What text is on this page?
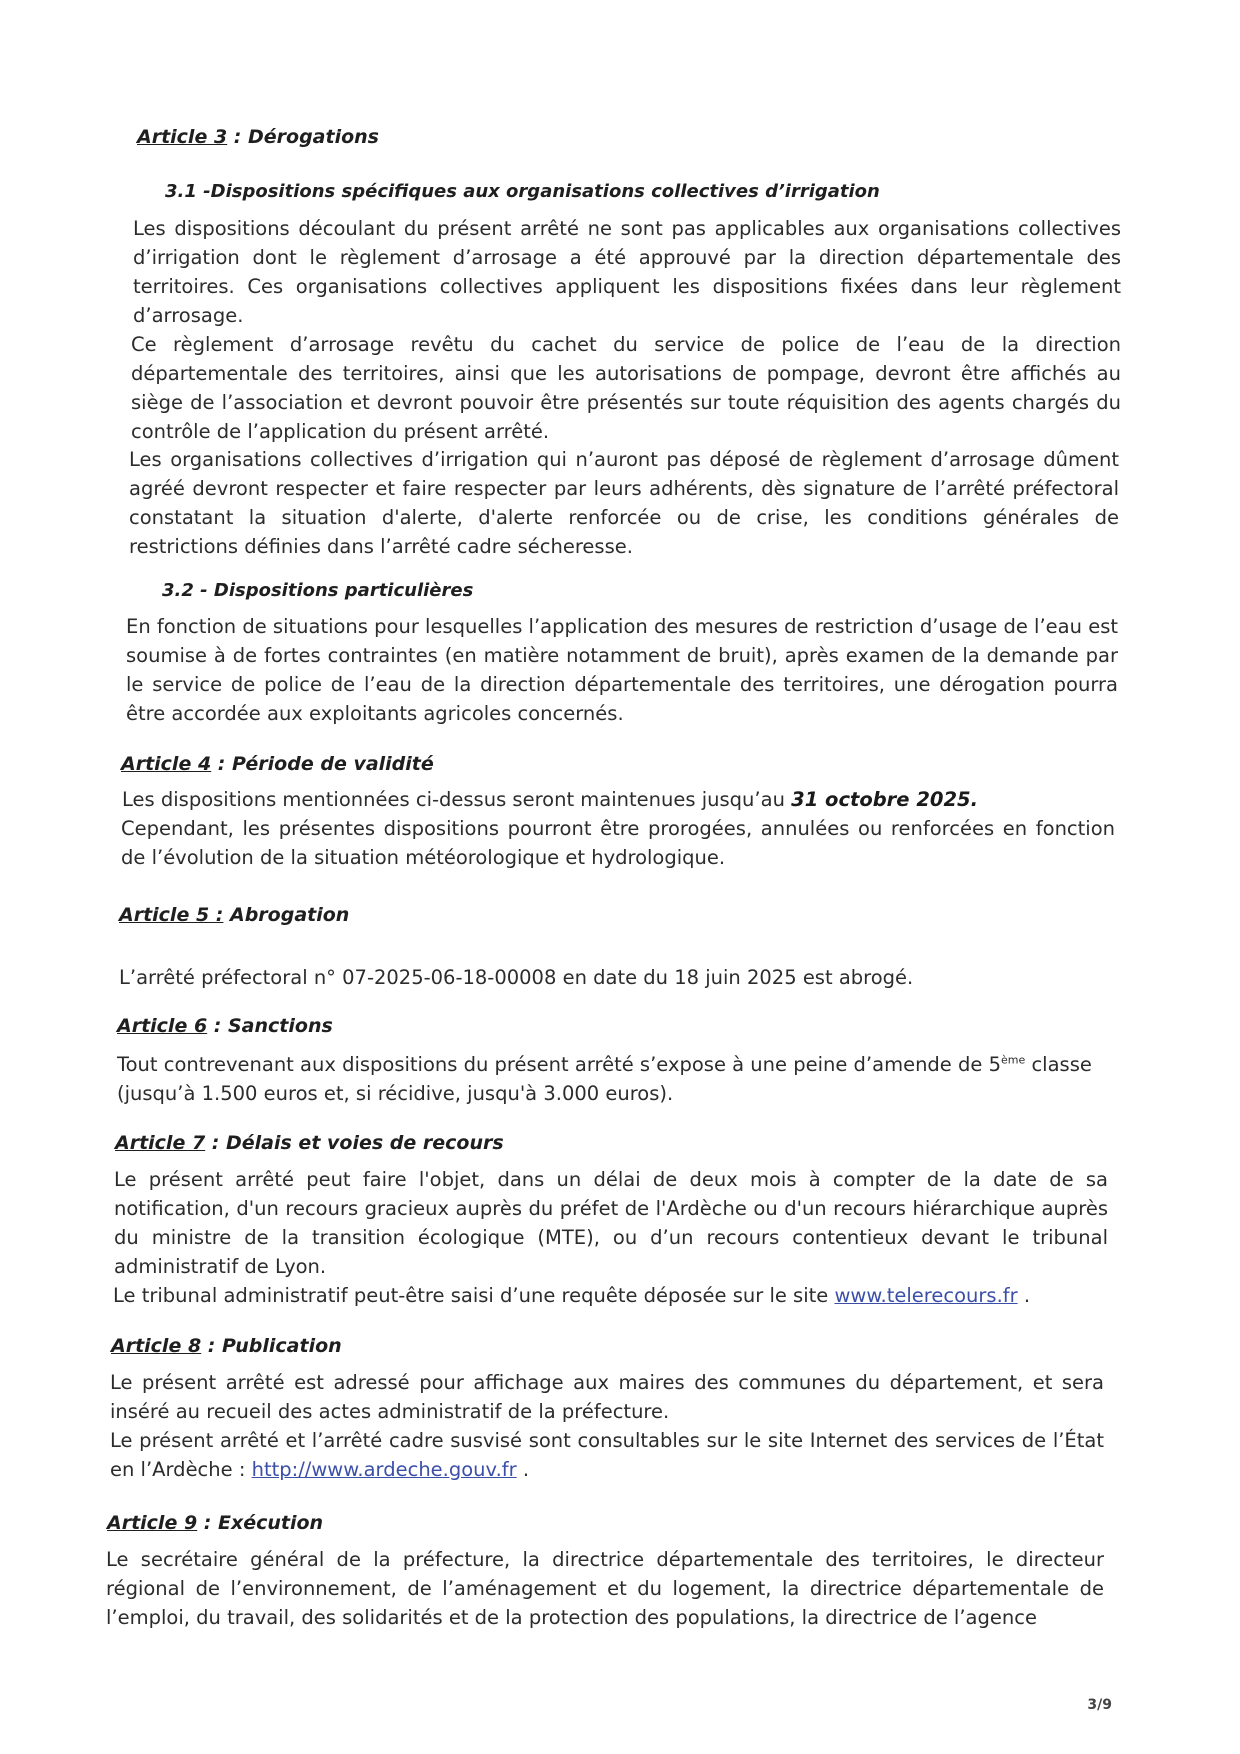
Article 3 : Dérogations
3.1 -Dispositions spécifiques aux organisations collectives d’irrigation

Les dispositions découlant du présent arrêté ne sont pas applicables aux organisations collectives d’irrigation dont le règlement d’arrosage a été approuvé par la direction départementale des territoires. Ces organisations collectives appliquent les dispositions fixées dans leur règlement d’arrosage.

Ce règlement d’arrosage revêtu du cachet du service de police de l’eau de la direction départementale des territoires, ainsi que les autorisations de pompage, devront être affichés au siège de l’association et devront pouvoir être présentés sur toute réquisition des agents chargés du contrôle de l’application du présent arrêté.

Les organisations collectives d’irrigation qui n’auront pas déposé de règlement d’arrosage dûment agréé devront respecter et faire respecter par leurs adhérents, dès signature de l’arrêté préfectoral constatant la situation d'alerte, d'alerte renforcée ou de crise, les conditions générales de restrictions définies dans l’arrêté cadre sécheresse.

3.2 - Dispositions particulières

En fonction de situations pour lesquelles l’application des mesures de restriction d’usage de l’eau est soumise à de fortes contraintes (en matière notamment de bruit), après examen de la demande par le service de police de l’eau de la direction départementale des territoires, une dérogation pourra être accordée aux exploitants agricoles concernés.

Article 4 : Période de validité

Les dispositions mentionnées ci-dessus seront maintenues jusqu’au 31 octobre 2025.

Cependant, les présentes dispositions pourront être prorogées, annulées ou renforcées en fonction de l’évolution de la situation météorologique et hydrologique.

Article 5 : Abrogation

L’arrêté préfectoral n° 07-2025-06-18-00008 en date du 18 juin 2025 est abrogé.

Article 6 : Sanctions

Tout contrevenant aux dispositions du présent arrêté s’expose à une peine d’amende de 5ème classe (jusqu’à 1.500 euros et, si récidive, jusqu'à 3.000 euros).

Article 7 : Délais et voies de recours

Le présent arrêté peut faire l'objet, dans un délai de deux mois à compter de la date de sa notification, d'un recours gracieux auprès du préfet de l'Ardèche ou d'un recours hiérarchique auprès du ministre de la transition écologique (MTE), ou d’un recours contentieux devant le tribunal administratif de Lyon.

Le tribunal administratif peut-être saisi d’une requête déposée sur le site www.telerecours.fr .

Article 8 : Publication

Le présent arrêté est adressé pour affichage aux maires des communes du département, et sera inséré au recueil des actes administratif de la préfecture.

Le présent arrêté et l’arrêté cadre susvisé sont consultables sur le site Internet des services de l’État en l’Ardèche : http://www.ardeche.gouv.fr .

Article 9 : Exécution

Le secrétaire général de la préfecture, la directrice départementale des territoires, le directeur régional de l’environnement, de l’aménagement et du logement, la directrice départementale de l’emploi, du travail, des solidarités et de la protection des populations, la directrice de l’agence

3/9
